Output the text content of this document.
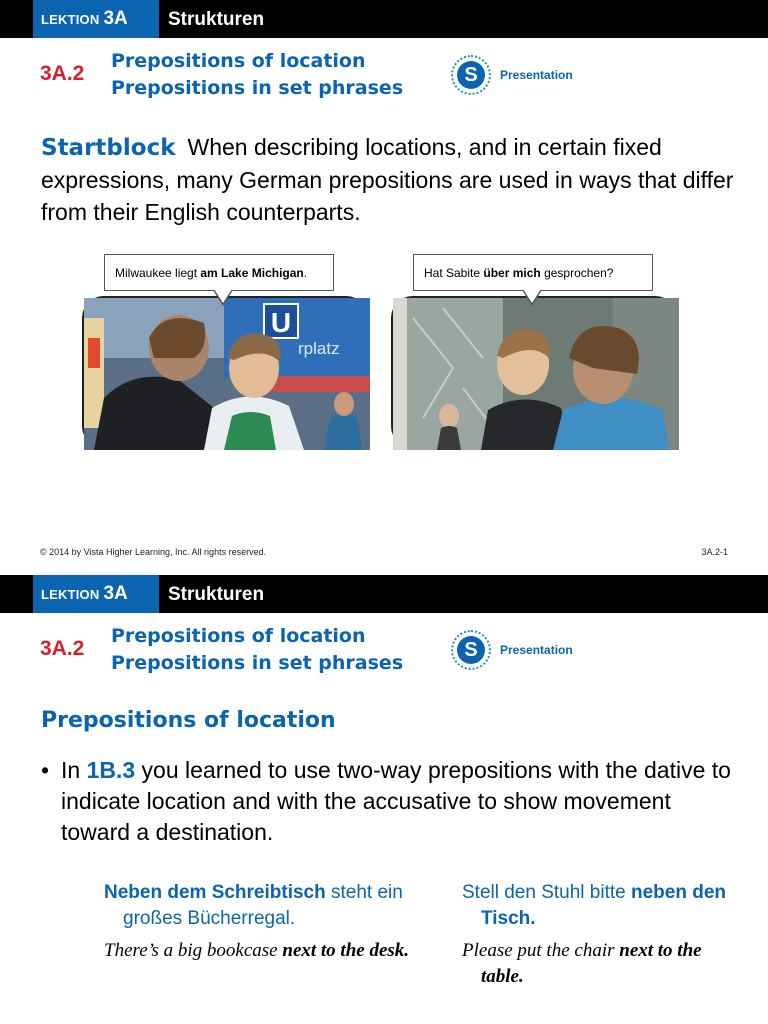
LEKTION 3A Strukturen
3A.2
Prepositions of location
Prepositions in set phrases
S	Presentation
Startblock When describing locations, and in certain fixed expressions, many German prepositions are used in ways that differ from their English counterparts.
Milwaukee liegt am Lake Michigan .
U
rplatz
Hat Sabite über mich gesprochen?
© 2014 by Vista Higher Learning, Inc. All rights reserved.	3A.2-1
LEKTION 3A Strukturen
3A.2
Prepositions of location
Prepositions in set phrases
S	Presentation
Prepositions of location
• In 1B.3 you learned to use two-way prepositions with the dative to indicate location and with the accusative to show movement toward a destination.
Neben dem Schreibtisch steht ein großes Bücherregal.
There’s a big bookcase next to the desk.
Stell den Stuhl bitte neben den Tisch.
Please put the chair next to the table.
